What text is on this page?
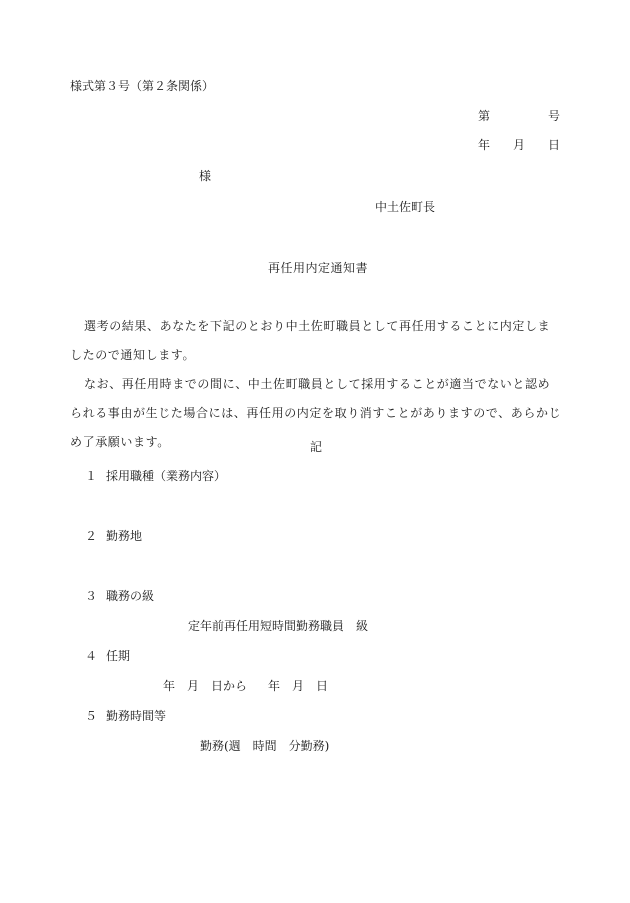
様式第３号（第２条関係）
第	号
年 月 日
様
中土佐町長
再任用内定通知書
選考の結果、あなたを下記のとおり中土佐町職員として再任用することに内定しましたので通知します。
なお、再任用時までの間に、中土佐町職員として採用することが適当でないと認められる事由が生じた場合には、再任用の内定を取り消すことがありますので、あらかじめ了承願います。	記
１ 採用職種（業務内容）
２ 勤務地
３ 職務の級
定年前再任用短時間勤務職員　級
４ 任期
年　月　日から 年　月　日
５ 勤務時間等
勤務(週　時間　分勤務)
